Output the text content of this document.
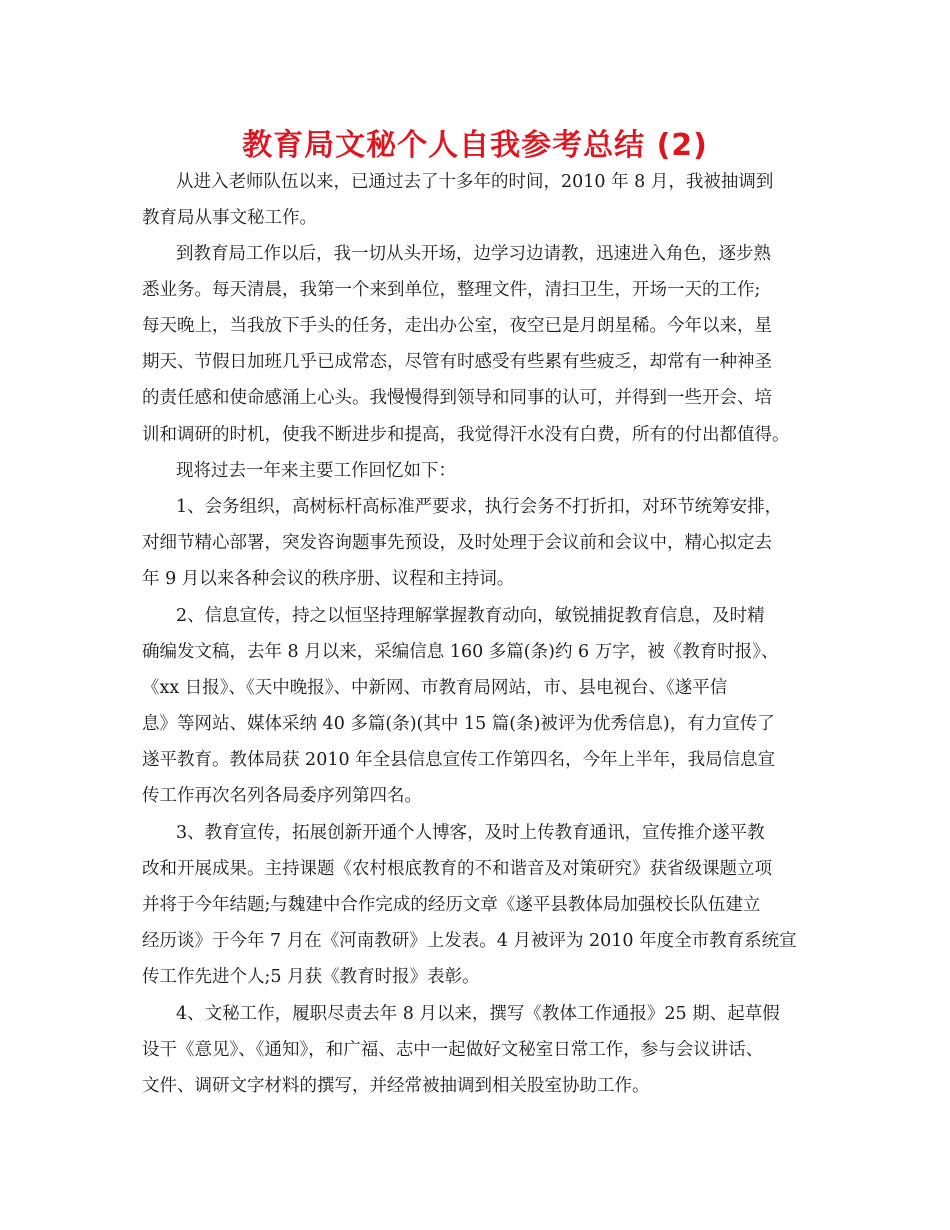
教育局文秘个人自我参考总结 (2)

从进入老师队伍以来，已通过去了十多年的时间，2010 年 8 月，我被抽调到

教育局从事文秘工作。

到教育局工作以后，我一切从头开场，边学习边请教，迅速进入角色，逐步熟

悉业务。每天清晨，我第一个来到单位，整理文件，清扫卫生，开场一天的工作;

每天晚上，当我放下手头的任务，走出办公室，夜空已是月朗星稀。今年以来，星

期天、节假日加班几乎已成常态，尽管有时感受有些累有些疲乏，却常有一种神圣

的责任感和使命感涌上心头。我慢慢得到领导和同事的认可，并得到一些开会、培

训和调研的时机，使我不断进步和提高，我觉得汗水没有白费，所有的付出都值得。

现将过去一年来主要工作回忆如下：

1、会务组织，高树标杆高标准严要求，执行会务不打折扣，对环节统筹安排，

对细节精心部署，突发咨询题事先预设，及时处理于会议前和会议中，精心拟定去

年 9 月以来各种会议的秩序册、议程和主持词。

2、信息宣传，持之以恒坚持理解掌握教育动向，敏锐捕捉教育信息，及时精

确编发文稿，去年 8 月以来，采编信息 160 多篇(条)约 6 万字，被《教育时报》、

《xx 日报》、《天中晚报》、中新网、市教育局网站，市、县电视台、《遂平信

息》等网站、媒体采纳 40 多篇(条)(其中 15 篇(条)被评为优秀信息)，有力宣传了

遂平教育。教体局获 2010 年全县信息宣传工作第四名，今年上半年，我局信息宣

传工作再次名列各局委序列第四名。

3、教育宣传，拓展创新开通个人博客，及时上传教育通讯，宣传推介遂平教

改和开展成果。主持课题《农村根底教育的不和谐音及对策研究》获省级课题立项

并将于今年结题;与魏建中合作完成的经历文章《遂平县教体局加强校长队伍建立

经历谈》于今年 7 月在《河南教研》上发表。4 月被评为 2010 年度全市教育系统宣

传工作先进个人;5 月获《教育时报》表彰。

4、文秘工作，履职尽责去年 8 月以来，撰写《教体工作通报》25 期、起草假

设干《意见》、《通知》，和广福、志中一起做好文秘室日常工作，参与会议讲话、

文件、调研文字材料的撰写，并经常被抽调到相关股室协助工作。
